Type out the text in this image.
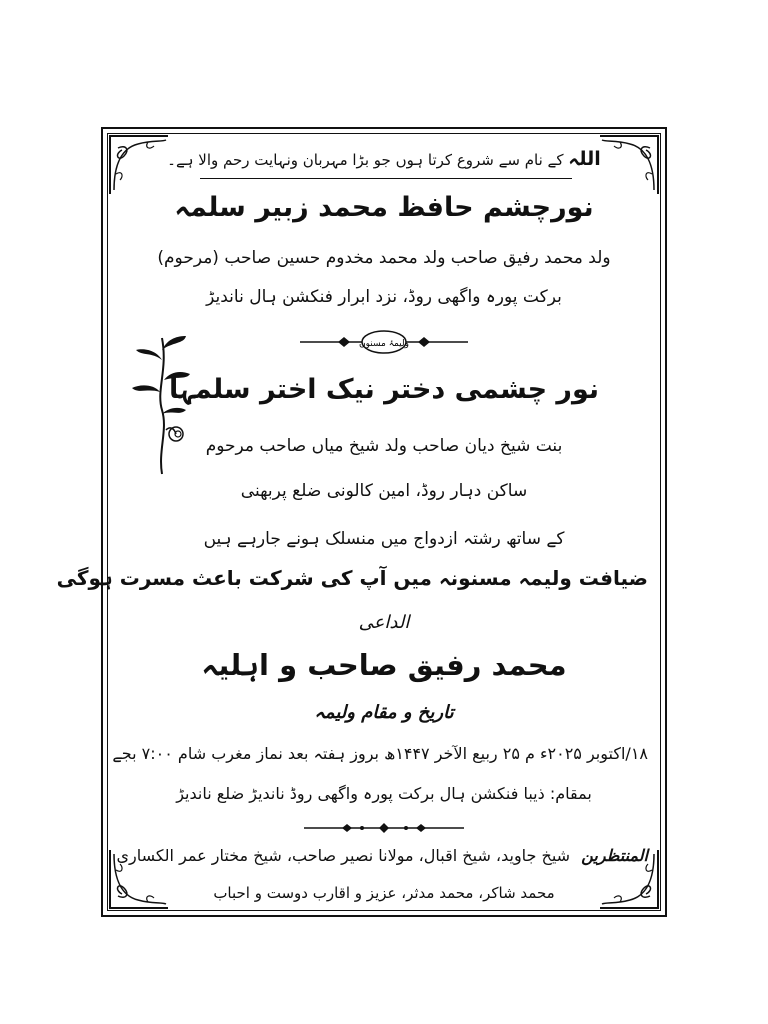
اللہ کے نام سے شروع کرتا ہوں جو بڑا مہربان ونہایت رحم والا ہے۔
نورچشم حافظ محمد زبیر سلمہ
ولد محمد رفیق صاحب ولد محمد مخدوم حسین صاحب (مرحوم)
برکت پورہ واگھی روڈ، نزد ابرار فنکشن ہال ناندیڑ
ولیمۂ مسنون
نور چشمی دختر نیک اختر سلمہا
بنت شیخ دیان صاحب ولد شیخ میاں صاحب مرحوم
ساکن دہار روڈ، امین کالونی ضلع پربھنی
کے ساتھ رشتہ ازدواج میں منسلک ہونے جارہے ہیں
ضیافت ولیمہ مسنونہ میں آپ کی شرکت باعث مسرت ہوگی
الداعی
محمد رفیق صاحب و اہلیہ
تاریخ و مقام ولیمہ
۱۸/اکتوبر ۲۰۲۵ء م ۲۵ ربیع الآخر ۱۴۴۷ھ بروز ہفتہ بعد نماز مغرب شام ۷:۰۰ بجے
بمقام: ذیبا فنکشن ہال برکت پورہ واگھی روڈ ناندیڑ ضلع ناندیڑ
المنتظرین شیخ جاوید، شیخ اقبال، مولانا نصیر صاحب، شیخ مختار عمر الکساری
محمد شاکر، محمد مدثر، عزیز و اقارب دوست و احباب
